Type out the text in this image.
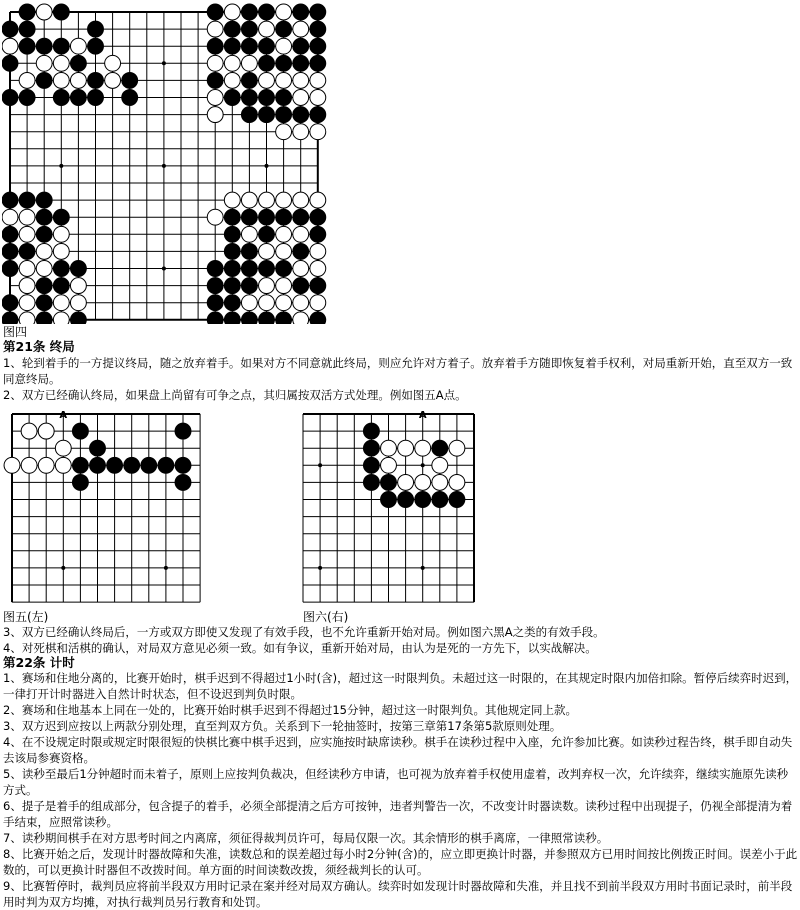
图四
第21条 终局
1、轮到着手的一方提议终局，随之放弃着手。如果对方不同意就此终局，则应允许对方着子。放弃着手方随即恢复着手权利，对局重新开始，直至双方一致同意终局。
2、双方已经确认终局，如果盘上尚留有可争之点，其归属按双活方式处理。例如图五A点。
A	A
图五(左)	图六(右)
3、双方已经确认终局后，一方或双方即使又发现了有效手段，也不允许重新开始对局。例如图六黑A之类的有效手段。
4、对死棋和活棋的确认，对局双方意见必须一致。如有争议，重新开始对局，由认为是死的一方先下，以实战解决。
第22条 计时
1、赛场和住地分离的，比赛开始时，棋手迟到不得超过1小时(含)，超过这一时限判负。未超过这一时限的，在其规定时限内加倍扣除。暂停后续弈时迟到，一律打开计时器进入自然计时状态，但不设迟到判负时限。
2、赛场和住地基本上同在一处的，比赛开始时棋手迟到不得超过15分钟，超过这一时限判负。其他规定同上款。
3、双方迟到应按以上两款分别处理，直至判双方负。关系到下一轮抽签时，按第三章第17条第5款原则处理。
4、在不设规定时限或规定时限很短的快棋比赛中棋手迟到，应实施按时缺席读秒。棋手在读秒过程中入座，允许参加比赛。如读秒过程告终，棋手即自动失去该局参赛资格。
5、读秒至最后1分钟超时而未着子，原则上应按判负裁决，但经读秒方申请，也可视为放弃着手权使用虚着，改判弃权一次，允许续弈，继续实施原先读秒方式。
6、提子是着手的组成部分，包含提子的着手，必须全部提清之后方可按钟，违者判警告一次，不改变计时器读数。读秒过程中出现提子，仍视全部提清为着手结束，应照常读秒。
7、读秒期间棋手在对方思考时间之内离席，须征得裁判员许可，每局仅限一次。其余情形的棋手离席，一律照常读秒。
8、比赛开始之后，发现计时器故障和失准，读数总和的误差超过每小时2分钟(含)的，应立即更换计时器，并参照双方已用时间按比例拨正时间。误差小于此数的，可以更换计时器但不改拨时间。单方面的时间读数改拨，须经裁判长的认可。
9、比赛暂停时，裁判员应将前半段双方用时记录在案并经对局双方确认。续弈时如发现计时器故障和失准，并且找不到前半段双方用时书面记录时，前半段用时判为双方均摊，对执行裁判员另行教育和处罚。
